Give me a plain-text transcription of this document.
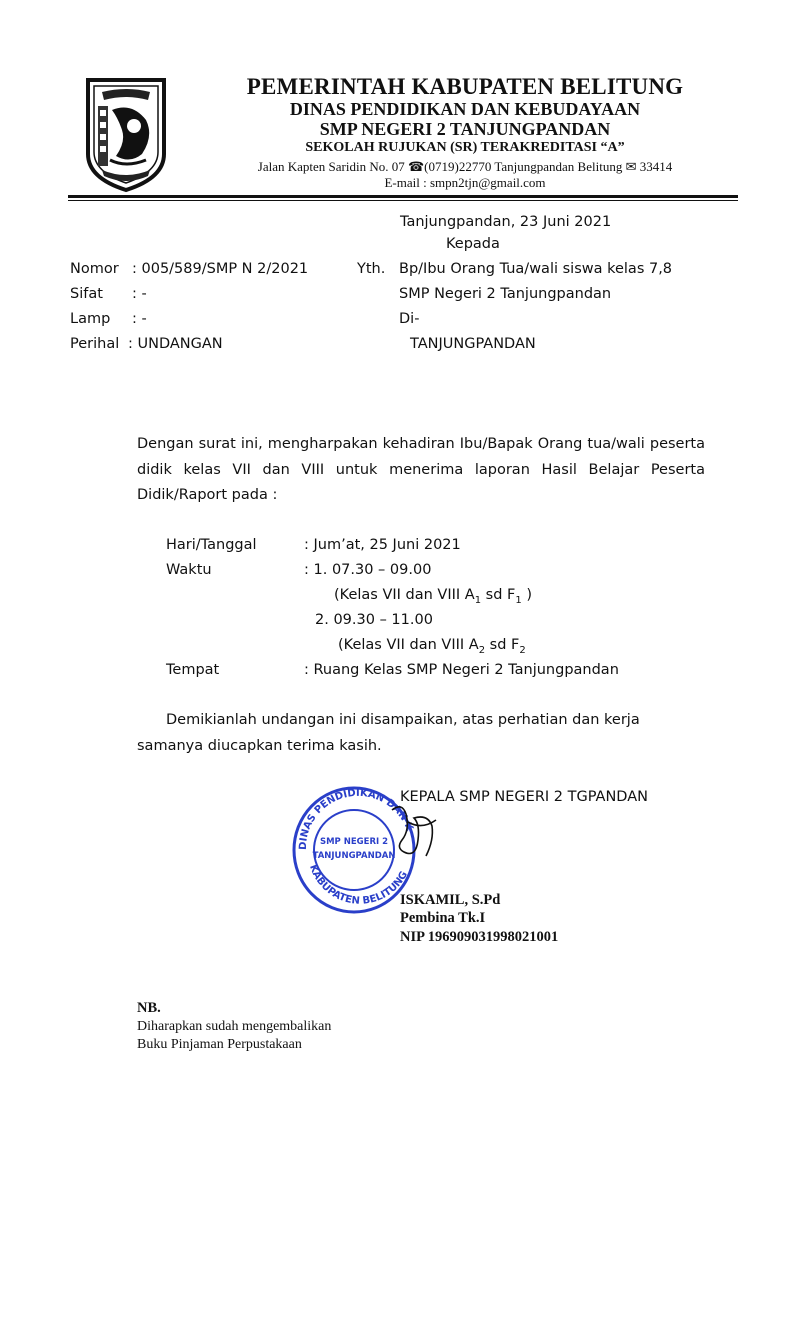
PEMERINTAH KABUPATEN BELITUNG
DINAS PENDIDIKAN DAN KEBUDAYAAN
SMP NEGERI 2 TANJUNGPANDAN
SEKOLAH RUJUKAN (SR) TERAKREDITASI “A”
Jalan Kapten Saridin No. 07 ☎(0719)22770 Tanjungpandan Belitung ✉ 33414
E-mail : smpn2tjn@gmail.com
Tanjungpandan, 23 Juni 2021
Kepada
Nomor : 005/589/SMP N 2/2021
Sifat : -
Lamp : -
Perihal : UNDANGAN
Yth. Bp/Ibu Orang Tua/wali siswa kelas 7,8
SMP Negeri 2 Tanjungpandan
Di-
TANJUNGPANDAN
Dengan surat ini, mengharpakan kehadiran Ibu/Bapak Orang tua/wali peserta
didik kelas VII dan VIII untuk menerima laporan Hasil Belajar Peserta
Didik/Raport pada :
Hari/Tanggal	: Jum’at, 25 Juni 2021
Waktu	: 1. 07.30 – 09.00
(Kelas VII dan VIII $A_1$ sd $F_1$ )
2. 09.30 – 11.00
(Kelas VII dan VIII $A_2$ sd $F_2$
Tempat	: Ruang Kelas SMP Negeri 2 Tanjungpandan
Demikianlah undangan ini disampaikan, atas perhatian dan kerja
samanya diucapkan terima kasih.
DINAS PENDIDIKAN DAN K
KABUPATEN BELITUNG
SMP NEGERI 2
TANJUNGPANDAN
KEPALA SMP NEGERI 2 TGPANDAN
ISKAMIL, S.Pd
Pembina Tk.I
NIP 196909031998021001
NB.
Diharapkan sudah mengembalikan
Buku Pinjaman Perpustakaan
